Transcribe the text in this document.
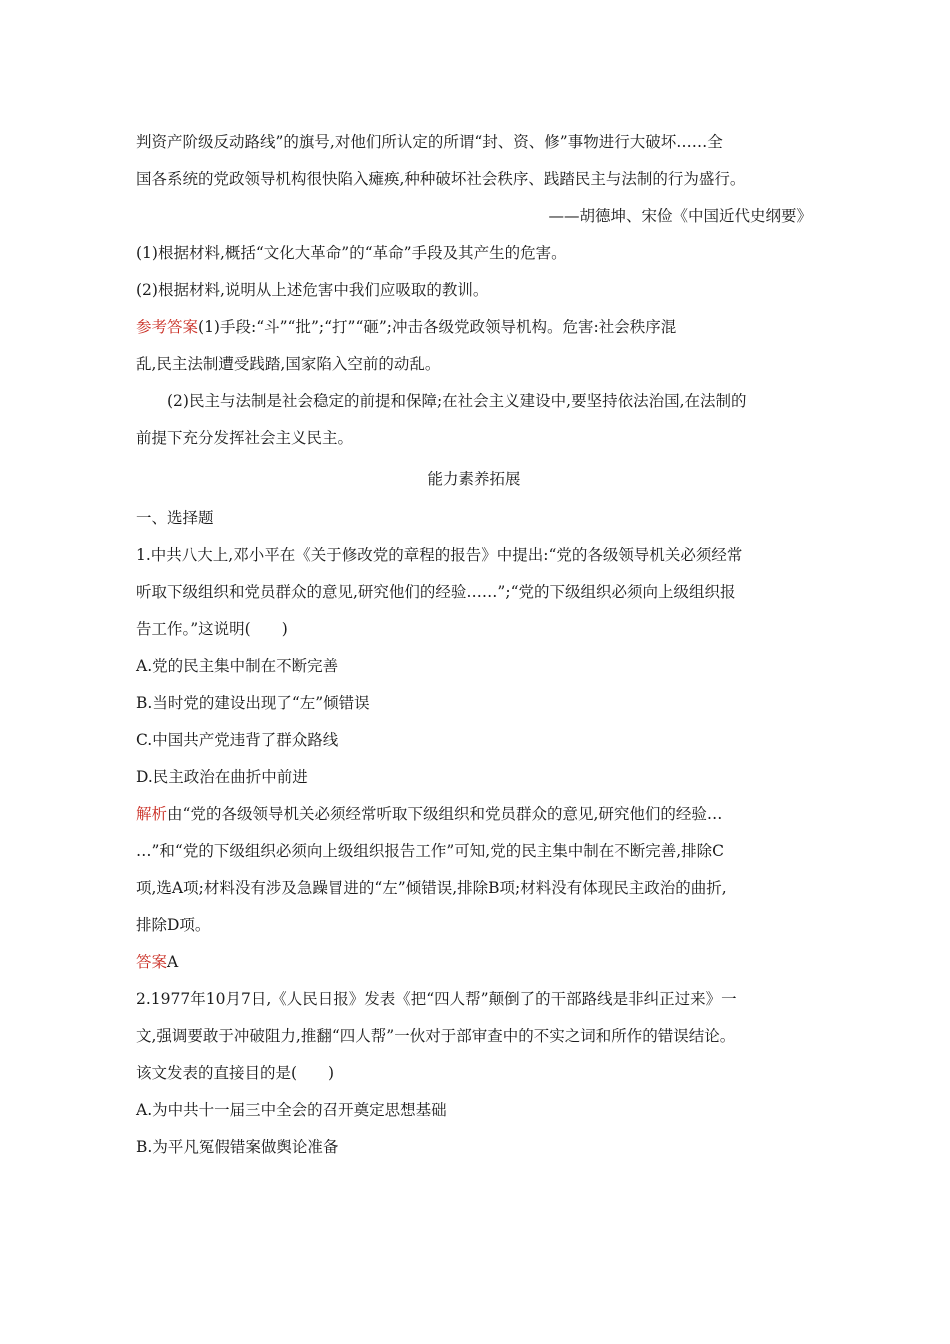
判资产阶级反动路线”的旗号,对他们所认定的所谓“封、资、修”事物进行大破坏……全

国各系统的党政领导机构很快陷入瘫痪,种种破坏社会秩序、践踏民主与法制的行为盛行。

——胡德坤、宋俭《中国近代史纲要》

(1)根据材料,概括“文化大革命”的“革命”手段及其产生的危害。

(2)根据材料,说明从上述危害中我们应吸取的教训。

参考答案(1)手段:“斗”“批”;“打”“砸”;冲击各级党政领导机构。危害:社会秩序混

乱,民主法制遭受践踏,国家陷入空前的动乱。

(2)民主与法制是社会稳定的前提和保障;在社会主义建设中,要坚持依法治国,在法制的

前提下充分发挥社会主义民主。

能力素养拓展

一、选择题

1.中共八大上,邓小平在《关于修改党的章程的报告》中提出:“党的各级领导机关必须经常

听取下级组织和党员群众的意见,研究他们的经验……”;“党的下级组织必须向上级组织报

告工作。”这说明(　　)

A.党的民主集中制在不断完善

B.当时党的建设出现了“左”倾错误

C.中国共产党违背了群众路线

D.民主政治在曲折中前进

解析由“党的各级领导机关必须经常听取下级组织和党员群众的意见,研究他们的经验…

…”和“党的下级组织必须向上级组织报告工作”可知,党的民主集中制在不断完善,排除C

项,选A项;材料没有涉及急躁冒进的“左”倾错误,排除B项;材料没有体现民主政治的曲折,

排除D项。

答案A

2.1977年10月7日,《人民日报》发表《把“四人帮”颠倒了的干部路线是非纠正过来》一

文,强调要敢于冲破阻力,推翻“四人帮”一伙对于部审查中的不实之词和所作的错误结论。

该文发表的直接目的是(　　)

A.为中共十一届三中全会的召开奠定思想基础

B.为平凡冤假错案做舆论准备
